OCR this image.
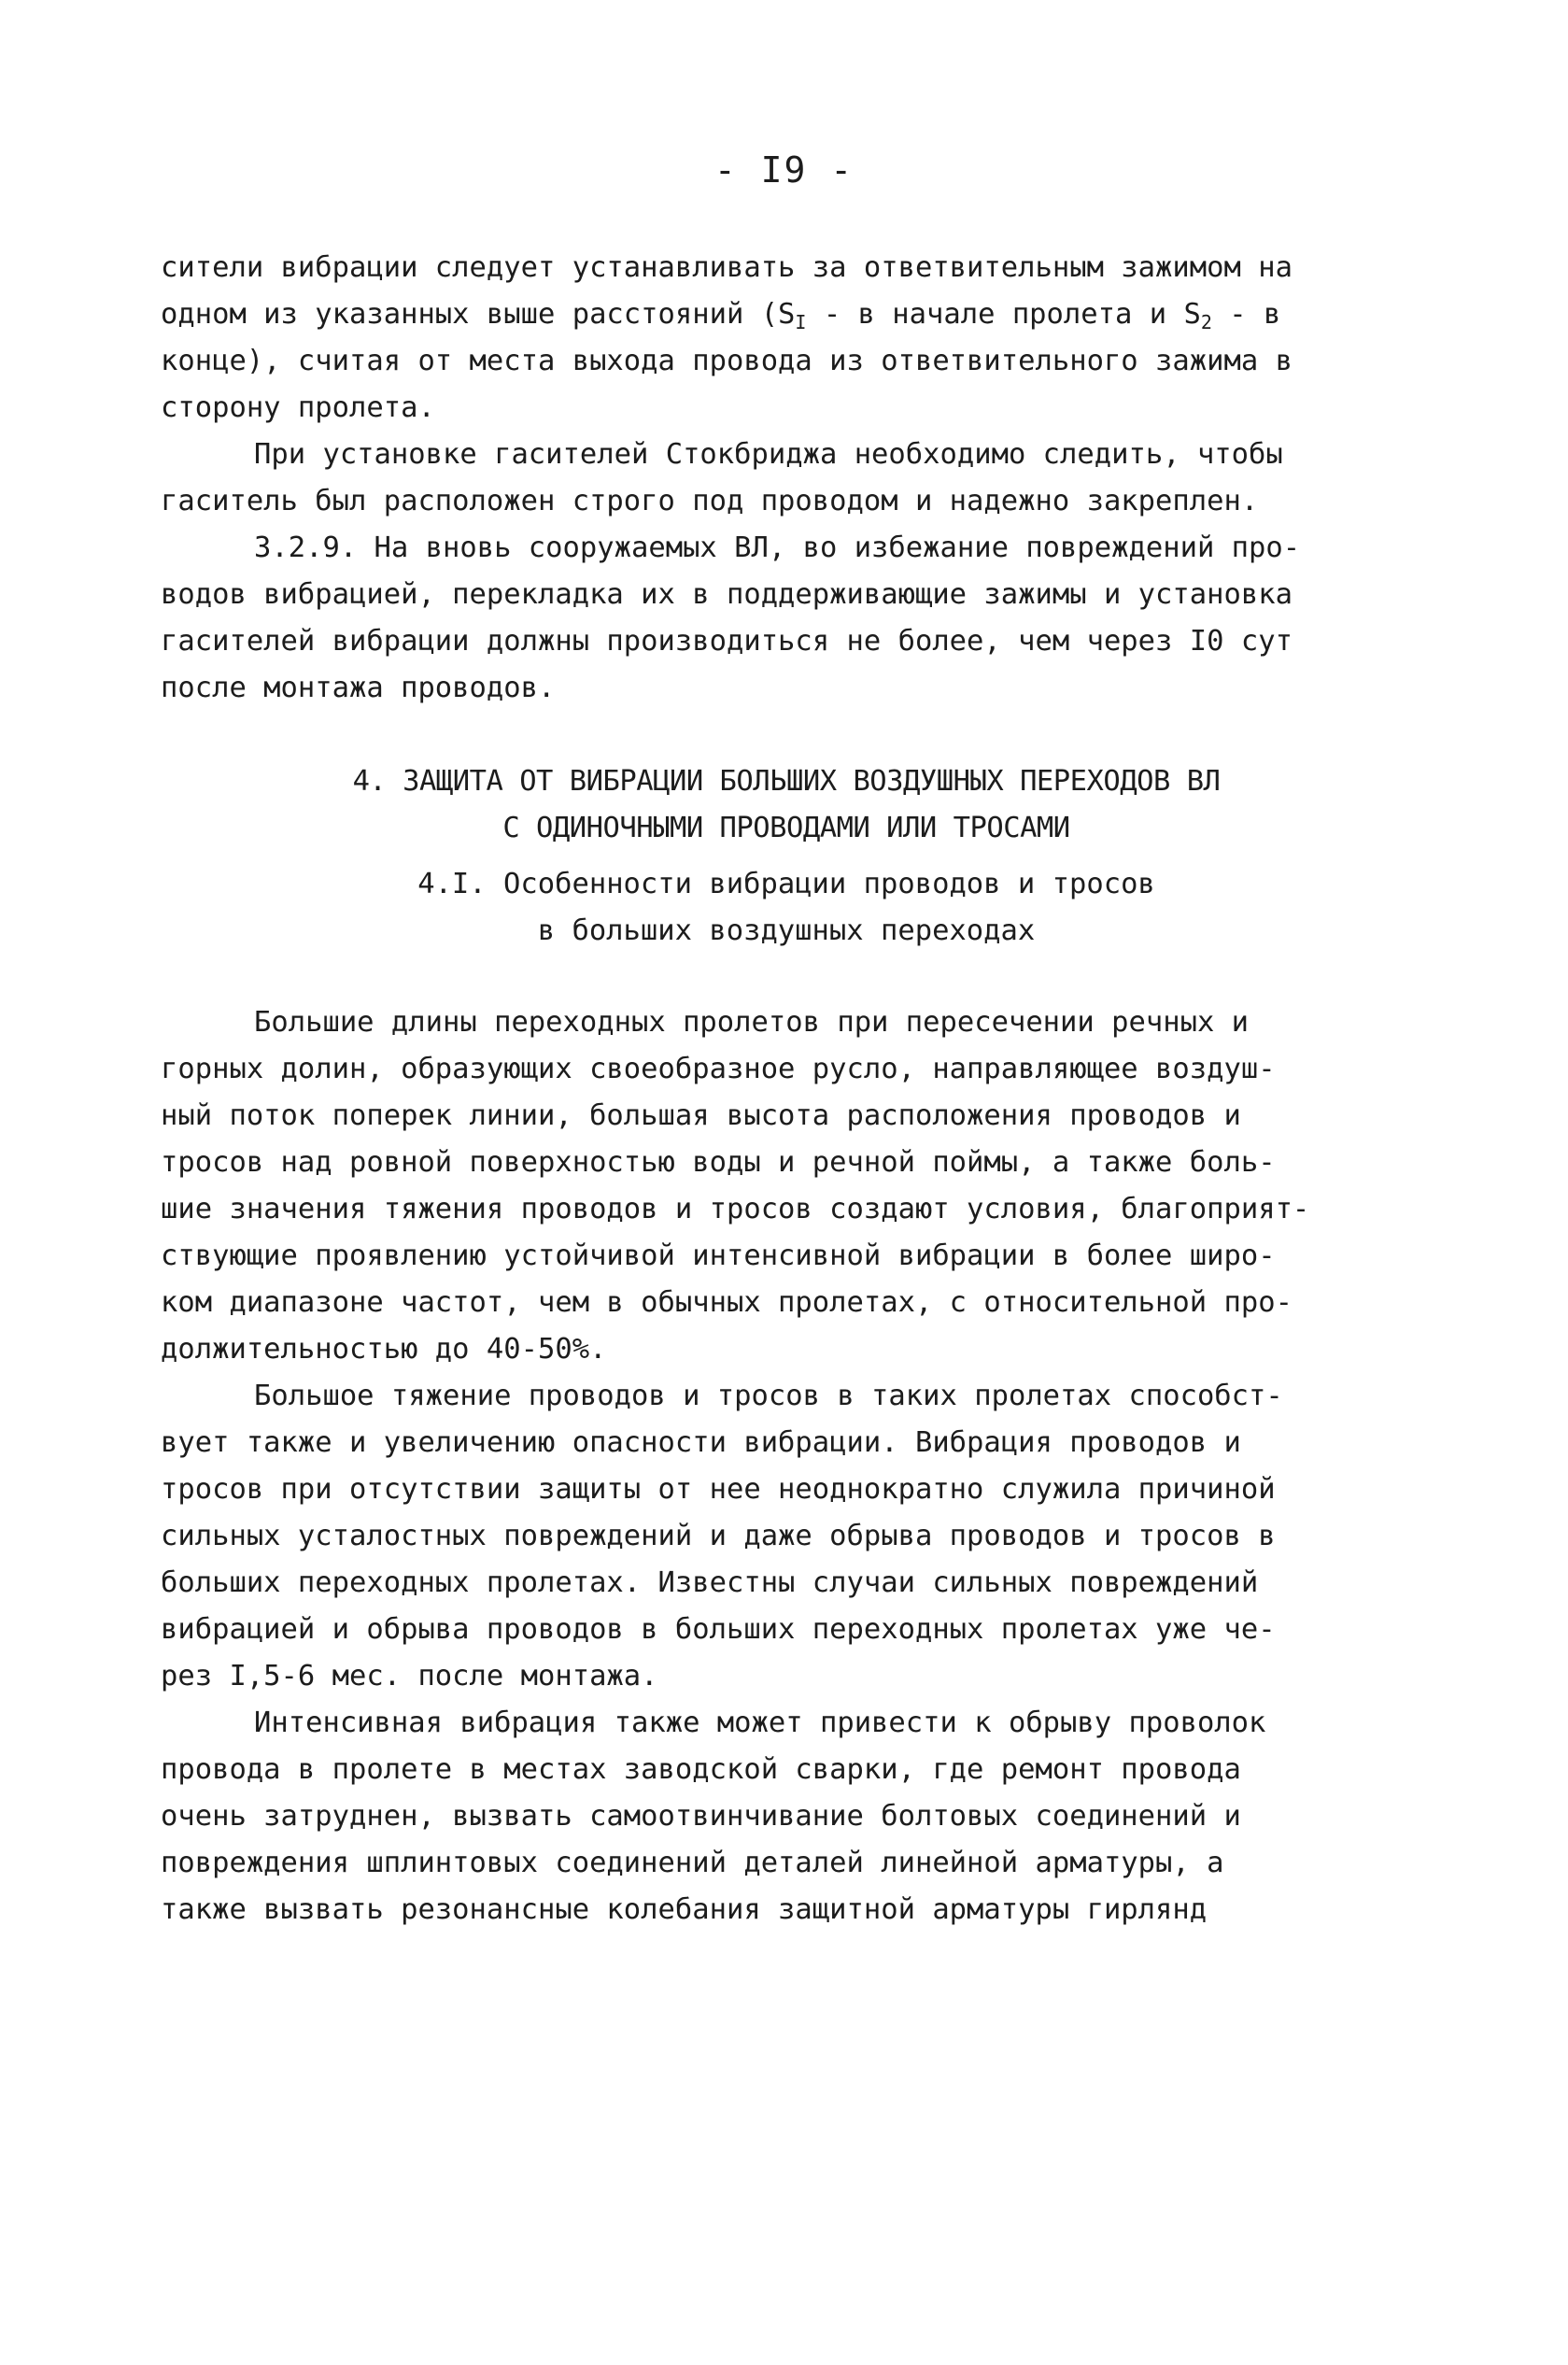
- I9 -

сители вибрации следует устанавливать за ответвительным зажимом на
одном из указанных выше расстояний ($S_I$ - в начале пролета и $S_2$ - в
конце), считая от места выхода провода из ответвительного зажима в
сторону пролета.

При установке гасителей Стокбриджа необходимо следить, чтобы
гаситель был расположен строго под проводом и надежно закреплен.

3.2.9. На вновь сооружаемых ВЛ, во избежание повреждений про-
водов вибрацией, перекладка их в поддерживающие зажимы и установка
гасителей вибрации должны производиться не более, чем через I0 сут
после монтажа проводов.

4. ЗАЩИТА ОТ ВИБРАЦИИ БОЛЬШИХ ВОЗДУШНЫХ ПЕРЕХОДОВ ВЛ
С ОДИНОЧНЫМИ ПРОВОДАМИ ИЛИ ТРОСАМИ
4.I. Особенности вибрации проводов и тросов
в больших воздушных переходах

Большие длины переходных пролетов при пересечении речных и
горных долин, образующих своеобразное русло, направляющее воздуш-
ный поток поперек линии, большая высота расположения проводов и
тросов над ровной поверхностью воды и речной поймы, а также боль-
шие значения тяжения проводов и тросов создают условия, благоприят-
ствующие проявлению устойчивой интенсивной вибрации в более широ-
ком диапазоне частот, чем в обычных пролетах, с относительной про-
должительностью до 40-50%.

Большое тяжение проводов и тросов в таких пролетах способст-
вует также и увеличению опасности вибрации. Вибрация проводов и
тросов при отсутствии защиты от нее неоднократно служила причиной
сильных усталостных повреждений и даже обрыва проводов и тросов в
больших переходных пролетах. Известны случаи сильных повреждений
вибрацией и обрыва проводов в больших переходных пролетах уже че-
рез I,5-6 мес. после монтажа.

Интенсивная вибрация также может привести к обрыву проволок
провода в пролете в местах заводской сварки, где ремонт провода
очень затруднен, вызвать самоотвинчивание болтовых соединений и
повреждения шплинтовых соединений деталей линейной арматуры, а
также вызвать резонансные колебания защитной арматуры гирлянд
